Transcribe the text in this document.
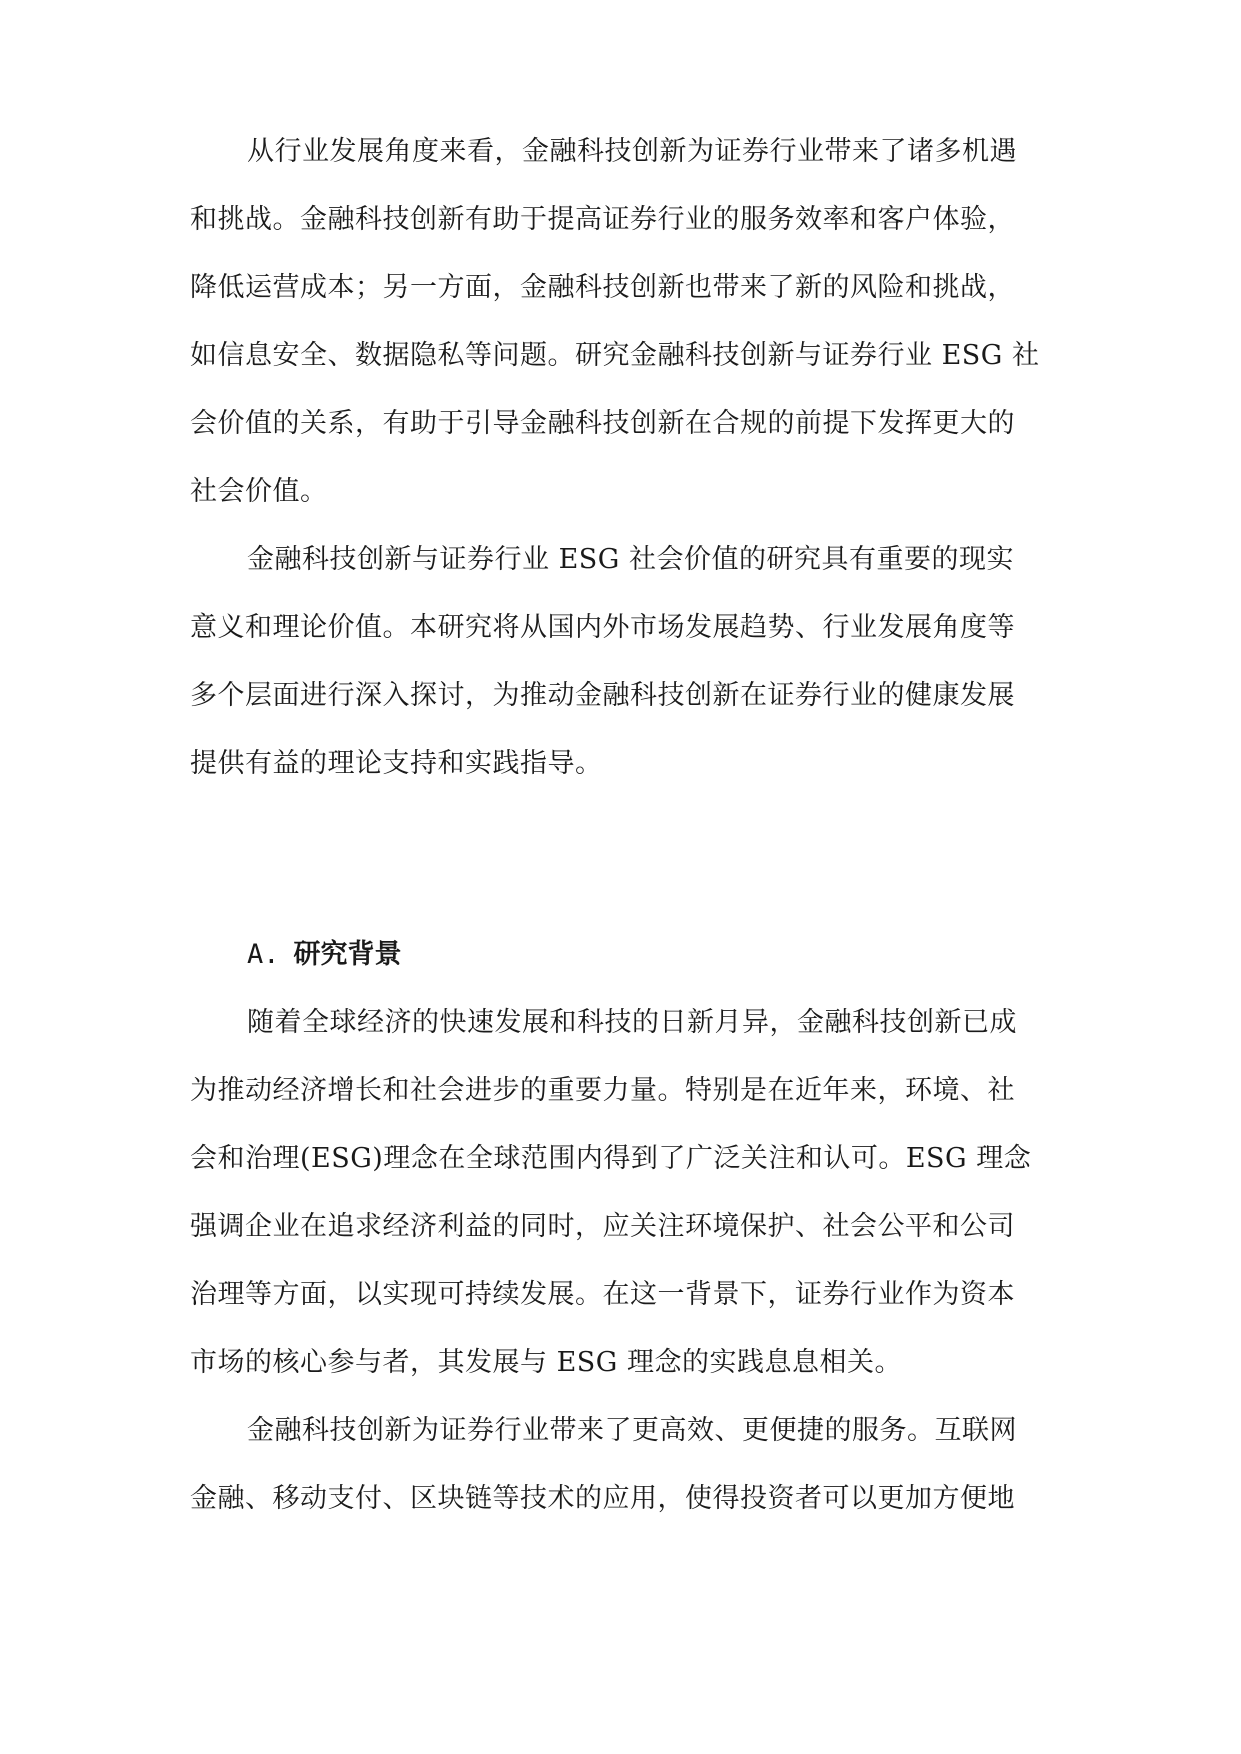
从行业发展角度来看，金融科技创新为证券行业带来了诸多机遇
和挑战。金融科技创新有助于提高证券行业的服务效率和客户体验，
降低运营成本；另一方面，金融科技创新也带来了新的风险和挑战，
如信息安全、数据隐私等问题。研究金融科技创新与证券行业 ESG 社
会价值的关系，有助于引导金融科技创新在合规的前提下发挥更大的
社会价值。
金融科技创新与证券行业 ESG 社会价值的研究具有重要的现实
意义和理论价值。本研究将从国内外市场发展趋势、行业发展角度等
多个层面进行深入探讨，为推动金融科技创新在证券行业的健康发展
提供有益的理论支持和实践指导。
A. 研究背景
随着全球经济的快速发展和科技的日新月异，金融科技创新已成
为推动经济增长和社会进步的重要力量。特别是在近年来，环境、社
会和治理(ESG)理念在全球范围内得到了广泛关注和认可。ESG 理念
强调企业在追求经济利益的同时，应关注环境保护、社会公平和公司
治理等方面，以实现可持续发展。在这一背景下，证券行业作为资本
市场的核心参与者，其发展与 ESG 理念的实践息息相关。
金融科技创新为证券行业带来了更高效、更便捷的服务。互联网
金融、移动支付、区块链等技术的应用，使得投资者可以更加方便地
